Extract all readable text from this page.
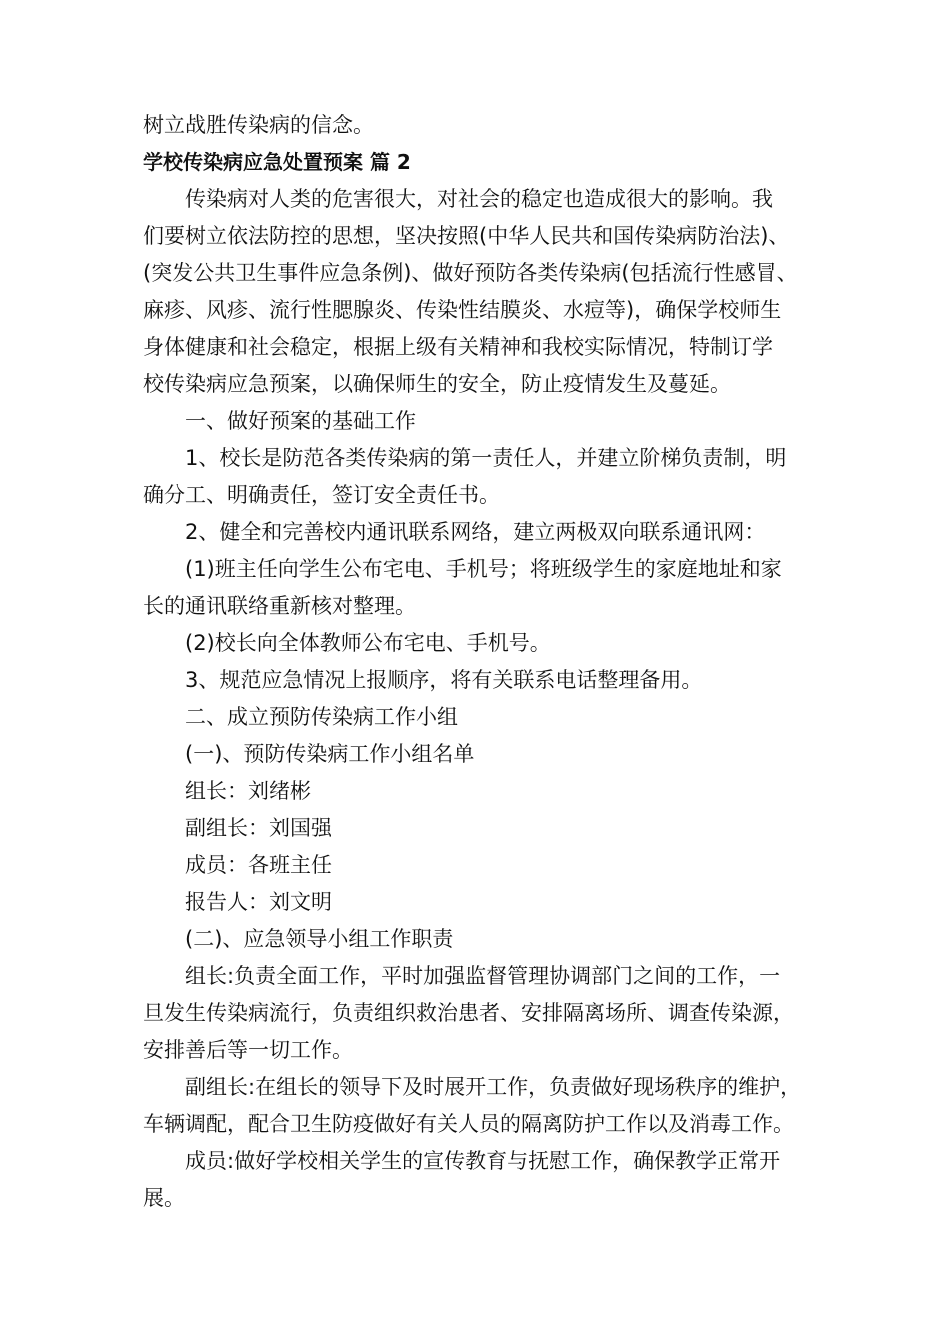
树立战胜传染病的信念。
学校传染病应急处置预案 篇 2
传染病对人类的危害很大，对社会的稳定也造成很大的影响。我
们要树立依法防控的思想，坚决按照(中华人民共和国传染病防治法)、
(突发公共卫生事件应急条例)、做好预防各类传染病(包括流行性感冒、
麻疹、风疹、流行性腮腺炎、传染性结膜炎、水痘等)，确保学校师生
身体健康和社会稳定，根据上级有关精神和我校实际情况，特制订学
校传染病应急预案，以确保师生的安全，防止疫情发生及蔓延。
一、做好预案的基础工作
1、校长是防范各类传染病的第一责任人，并建立阶梯负责制，明
确分工、明确责任，签订安全责任书。
2、健全和完善校内通讯联系网络，建立两极双向联系通讯网：
(1)班主任向学生公布宅电、手机号；将班级学生的家庭地址和家
长的通讯联络重新核对整理。
(2)校长向全体教师公布宅电、手机号。
3、规范应急情况上报顺序，将有关联系电话整理备用。
二、成立预防传染病工作小组
(一)、预防传染病工作小组名单
组长：刘绪彬
副组长：刘国强
成员：各班主任
报告人：刘文明
(二)、应急领导小组工作职责
组长:负责全面工作，平时加强监督管理协调部门之间的工作，一
旦发生传染病流行，负责组织救治患者、安排隔离场所、调查传染源，
安排善后等一切工作。
副组长:在组长的领导下及时展开工作，负责做好现场秩序的维护，
车辆调配，配合卫生防疫做好有关人员的隔离防护工作以及消毒工作。
成员:做好学校相关学生的宣传教育与抚慰工作，确保教学正常开
展。
